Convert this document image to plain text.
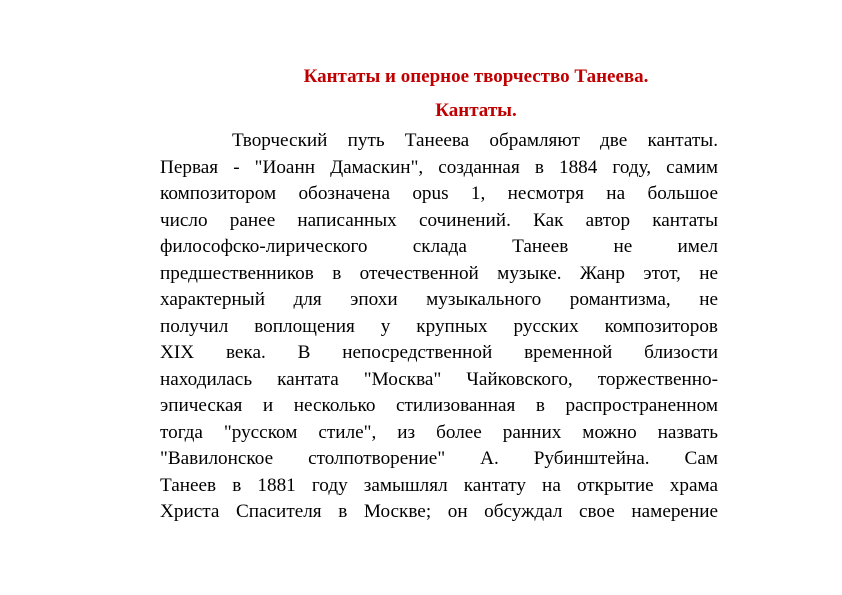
Кантаты и оперное творчество Танеева.
Кантаты.
Творческий путь Танеева обрамляют две кантаты.
Первая - "Иоанн Дамаскин", созданная в 1884 году, самим
композитором обозначена opus 1, несмотря на большое
число ранее написанных сочинений. Как автор кантаты
философско-лирического склада Танеев не имел
предшественников в отечественной музыке. Жанр этот, не
характерный для эпохи музыкального романтизма, не
получил воплощения у крупных русских композиторов
XIX века. В непосредственной временной близости
находилась кантата "Москва" Чайковского, торжественно-
эпическая и несколько стилизованная в распространенном
тогда "русском стиле", из более ранних можно назвать
"Вавилонское столпотворение" А. Рубинштейна. Сам
Танеев в 1881 году замышлял кантату на открытие храма
Христа Спасителя в Москве; он обсуждал свое намерение
